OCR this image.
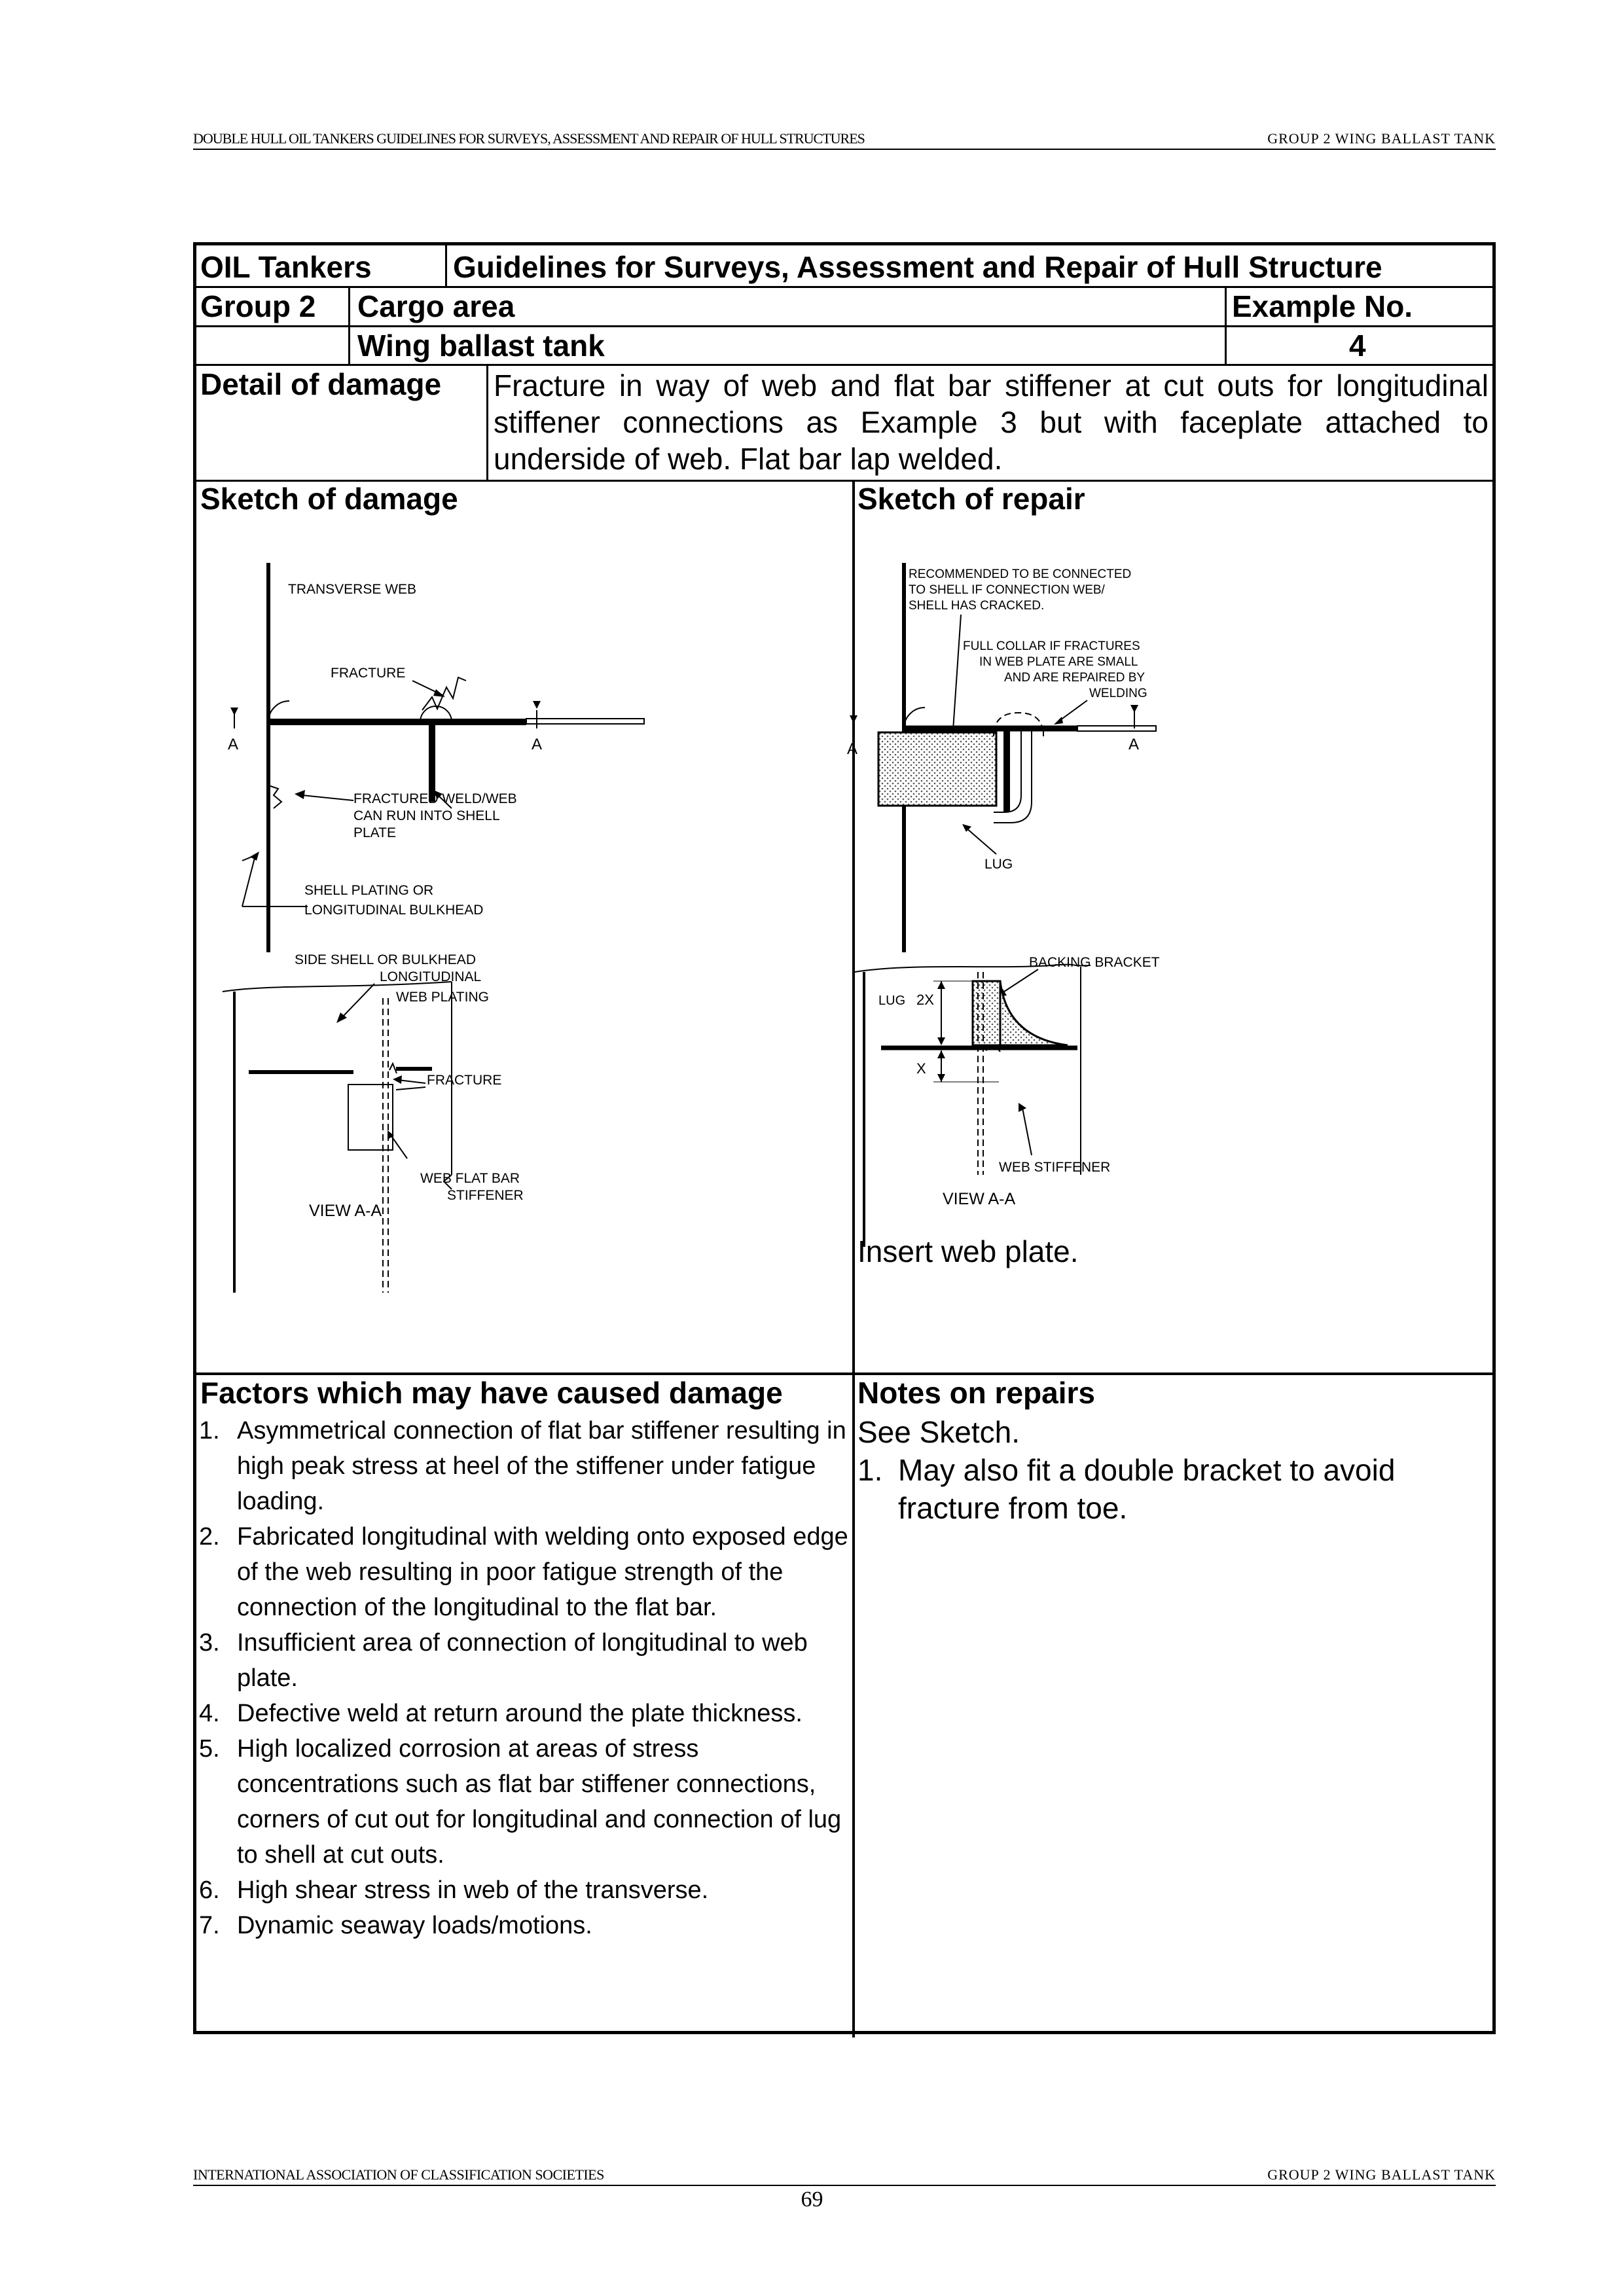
DOUBLE HULL OIL TANKERS GUIDELINES FOR SURVEYS, ASSESSMENT AND REPAIR OF HULL STRUCTURES	GROUP 2 WING BALLAST TANK
OIL Tankers	Guidelines for Surveys, Assessment and Repair of Hull Structure
Group 2 Cargo area	Example No.
Wing ballast tank	4
Detail of damage Fracture in way of web and flat bar stiffener at cut outs for longitudinal stiffener connections as Example 3 but with faceplate attached to underside of web. Flat bar lap welded.
Sketch of damage	Sketch of repair
TRANSVERSE WEB
FRACTURE
A	A
FRACTURED WELD/WEB
CAN RUN INTO SHELL
PLATE
SHELL PLATING OR
LONGITUDINAL BULKHEAD
SIDE SHELL OR BULKHEAD
LONGITUDINAL
WEB PLATING
FRACTURE
WEB FLAT BAR
STIFFENER
VIEW A-A
RECOMMENDED TO BE CONNECTED
TO SHELL IF CONNECTION WEB/
SHELL HAS CRACKED.
FULL COLLAR IF FRACTURES
IN WEB PLATE ARE SMALL
AND ARE REPAIRED BY
WELDING
A	A
LUG
BACKING BRACKET
LUG 2X
X
WEB STIFFENER
VIEW A-A
Insert web plate.
Factors which may have caused damage
1. Asymmetrical connection of flat bar stiffener resulting in high peak stress at heel of the stiffener under fatigue loading.
2. Fabricated longitudinal with welding onto exposed edge of the web resulting in poor fatigue strength of the connection of the longitudinal to the flat bar.
3. Insufficient area of connection of longitudinal to web plate.
4. Defective weld at return around the plate thickness.
5. High localized corrosion at areas of stress concentrations such as flat bar stiffener connections, corners of cut out for longitudinal and connection of lug to shell at cut outs.
6. High shear stress in web of the transverse.
7. Dynamic seaway loads/motions.
Notes on repairs
See Sketch.
1. May also fit a double bracket to avoid fracture from toe.
INTERNATIONAL ASSOCIATION OF CLASSIFICATION SOCIETIES	GROUP 2 WING BALLAST TANK
69
